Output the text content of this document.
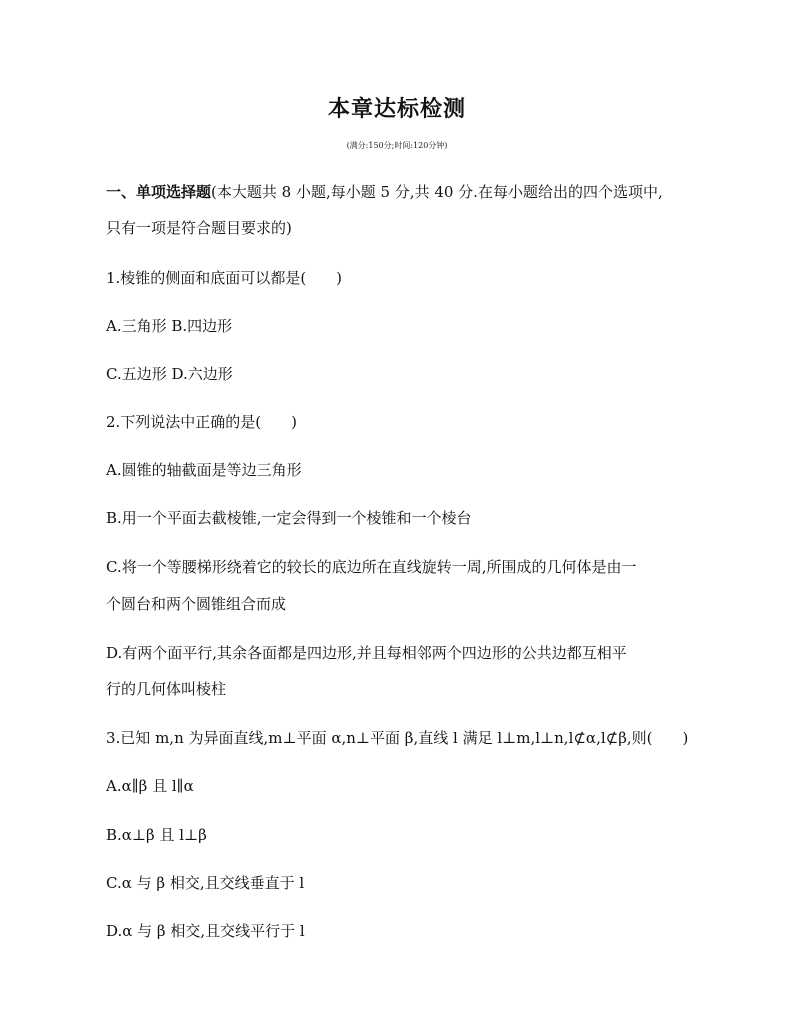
本章达标检测
(满分:150分;时间:120分钟)
一、单项选择题(本大题共 8 小题,每小题 5 分,共 40 分.在每小题给出的四个选项中,
只有一项是符合题目要求的)
1.棱锥的侧面和底面可以都是( )
A.三角形 B.四边形
C.五边形 D.六边形
2.下列说法中正确的是( )
A.圆锥的轴截面是等边三角形
B.用一个平面去截棱锥,一定会得到一个棱锥和一个棱台
C.将一个等腰梯形绕着它的较长的底边所在直线旋转一周,所围成的几何体是由一
个圆台和两个圆锥组合而成
D.有两个面平行,其余各面都是四边形,并且每相邻两个四边形的公共边都互相平
行的几何体叫棱柱
3.已知 m,n 为异面直线,m⊥平面 α,n⊥平面 β,直线 l 满足 l⊥m,l⊥n,l⊄α,l⊄β,则( )
A.α∥β 且 l∥α
B.α⊥β 且 l⊥β
C.α 与 β 相交,且交线垂直于 l
D.α 与 β 相交,且交线平行于 l
